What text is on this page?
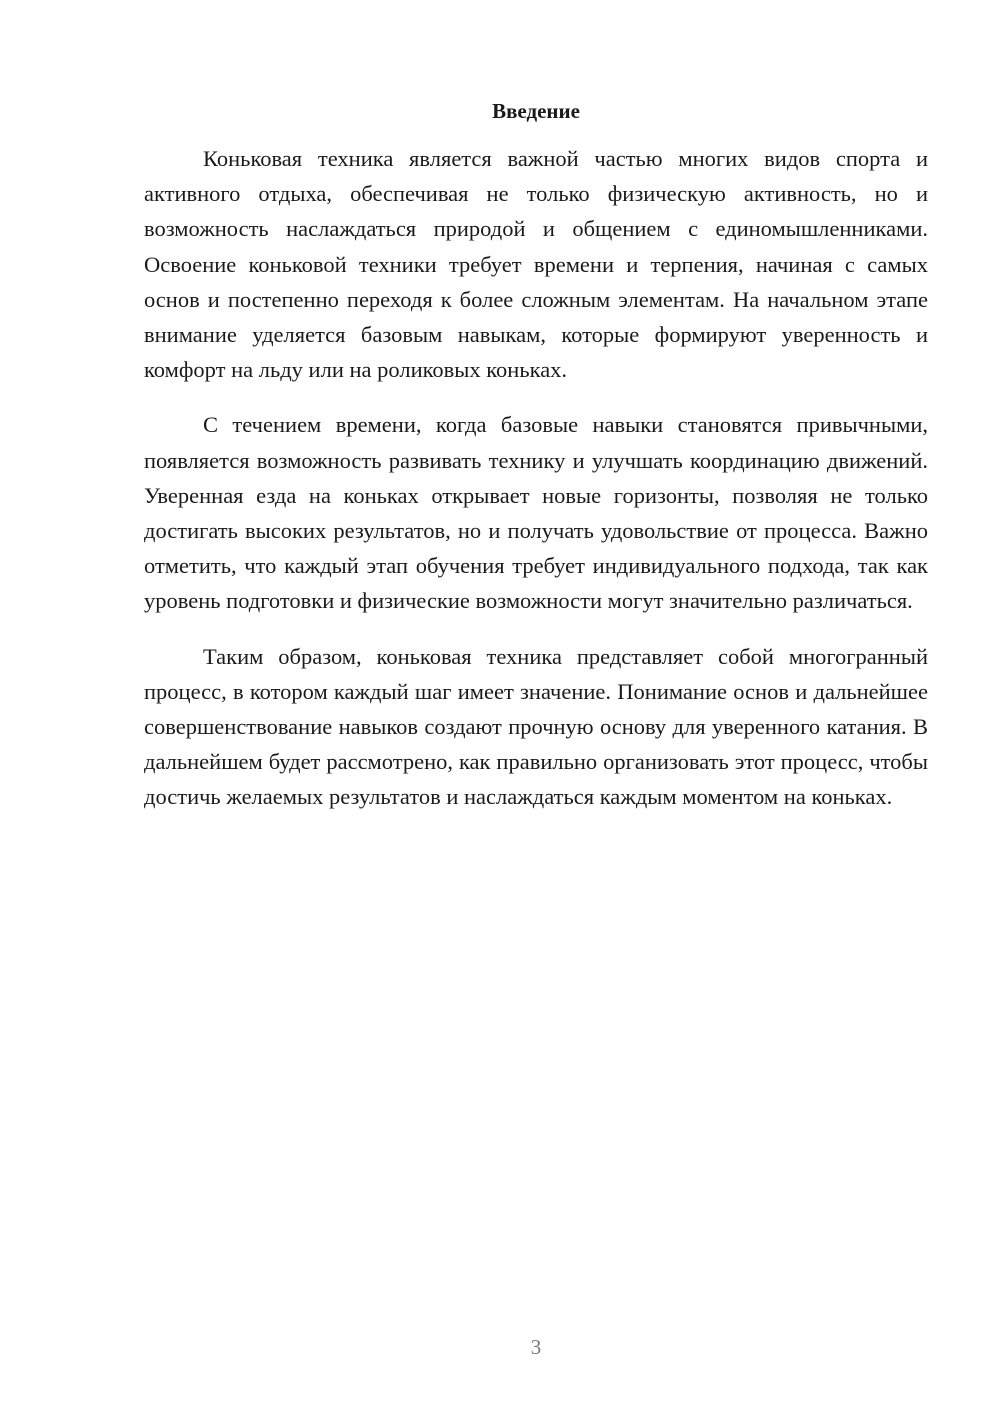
Введение

Коньковая техника является важной частью многих видов спорта и активного отдыха, обеспечивая не только физическую активность, но и возможность наслаждаться природой и общением с единомышленниками. Освоение коньковой техники требует времени и терпения, начиная с самых основ и постепенно переходя к более сложным элементам. На начальном этапе внимание уделяется базовым навыкам, которые формируют уверенность и комфорт на льду или на роликовых коньках.

С течением времени, когда базовые навыки становятся привычными, появляется возможность развивать технику и улучшать координацию движений. Уверенная езда на коньках открывает новые горизонты, позволяя не только достигать высоких результатов, но и получать удовольствие от процесса. Важно отметить, что каждый этап обучения требует индивидуального подхода, так как уровень подготовки и физические возможности могут значительно различаться.

Таким образом, коньковая техника представляет собой многогранный процесс, в котором каждый шаг имеет значение. Понимание основ и дальнейшее совершенствование навыков создают прочную основу для уверенного катания. В дальнейшем будет рассмотрено, как правильно организовать этот процесс, чтобы достичь желаемых результатов и наслаждаться каждым моментом на коньках.

3
